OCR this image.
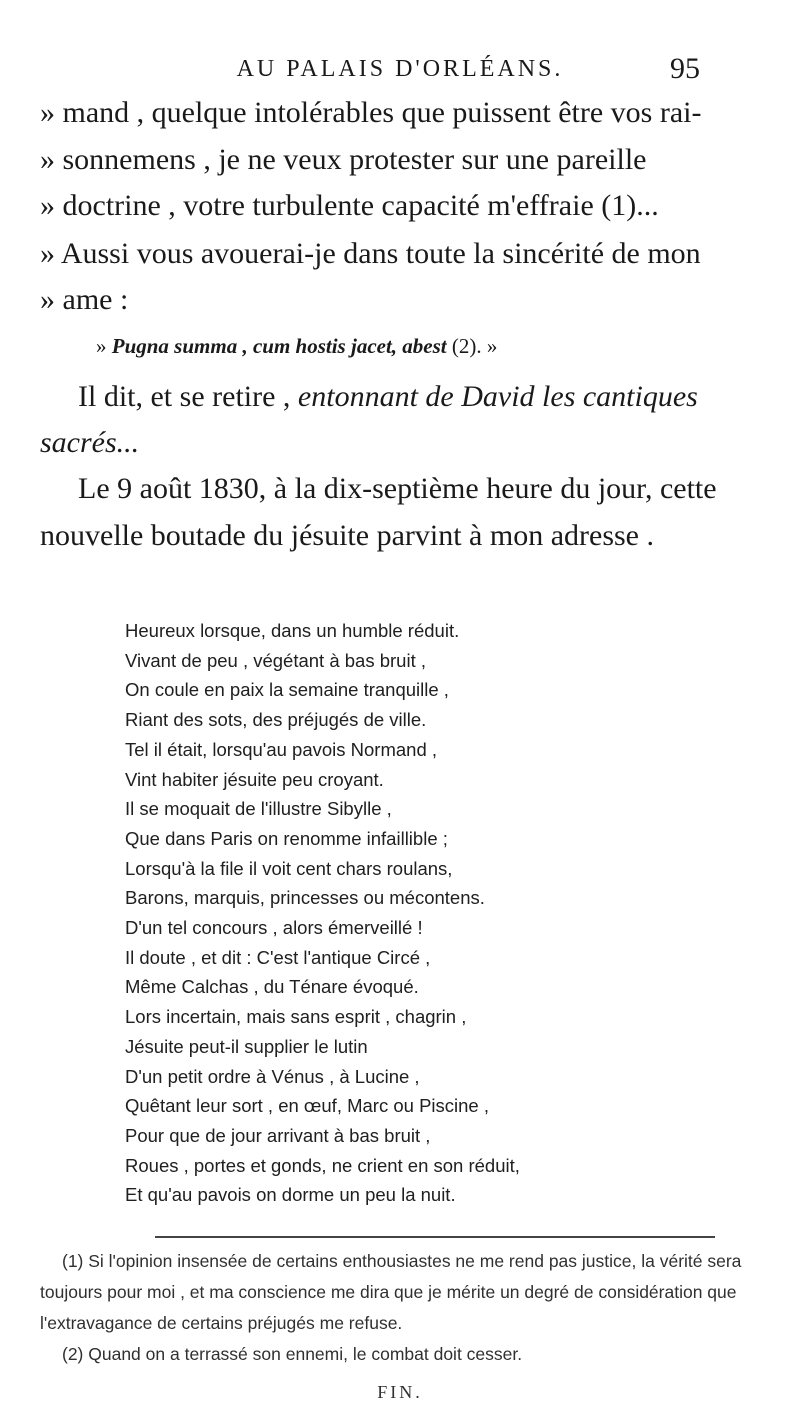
AU PALAIS D'ORLÉANS.	95
» mand , quelque intolérables que puissent être vos rai-
» sonnemens , je ne veux protester sur une pareille
» doctrine , votre turbulente capacité m'effraie (1)...
» Aussi vous avouerai-je dans toute la sincérité de mon
» ame :
» Pugna summa , cum hostis jacet, abest (2). »
Il dit, et se retire , entonnant de David les cantiques
sacrés...
Le 9 août 1830, à la dix-septième heure du jour, cette
nouvelle boutade du jésuite parvint à mon adresse .
Heureux lorsque, dans un humble réduit.
Vivant de peu , végétant à bas bruit ,
On coule en paix la semaine tranquille ,
Riant des sots, des préjugés de ville.
Tel il était, lorsqu'au pavois Normand ,
Vint habiter jésuite peu croyant.
Il se moquait de l'illustre Sibylle ,
Que dans Paris on renomme infaillible ;
Lorsqu'à la file il voit cent chars roulans,
Barons, marquis, princesses ou mécontens.
D'un tel concours , alors émerveillé !
Il doute , et dit : C'est l'antique Circé ,
Même Calchas , du Ténare évoqué.
Lors incertain, mais sans esprit , chagrin ,
Jésuite peut-il supplier le lutin
D'un petit ordre à Vénus , à Lucine ,
Quêtant leur sort , en œuf, Marc ou Piscine ,
Pour que de jour arrivant à bas bruit ,
Roues , portes et gonds, ne crient en son réduit,
Et qu'au pavois on dorme un peu la nuit.
(1) Si l'opinion insensée de certains enthousiastes ne me rend pas justice, la vérité sera toujours pour moi , et ma conscience me dira que je mérite un degré de considération que l'extravagance de certains préjugés me refuse.
(2) Quand on a terrassé son ennemi, le combat doit cesser.
FIN.
